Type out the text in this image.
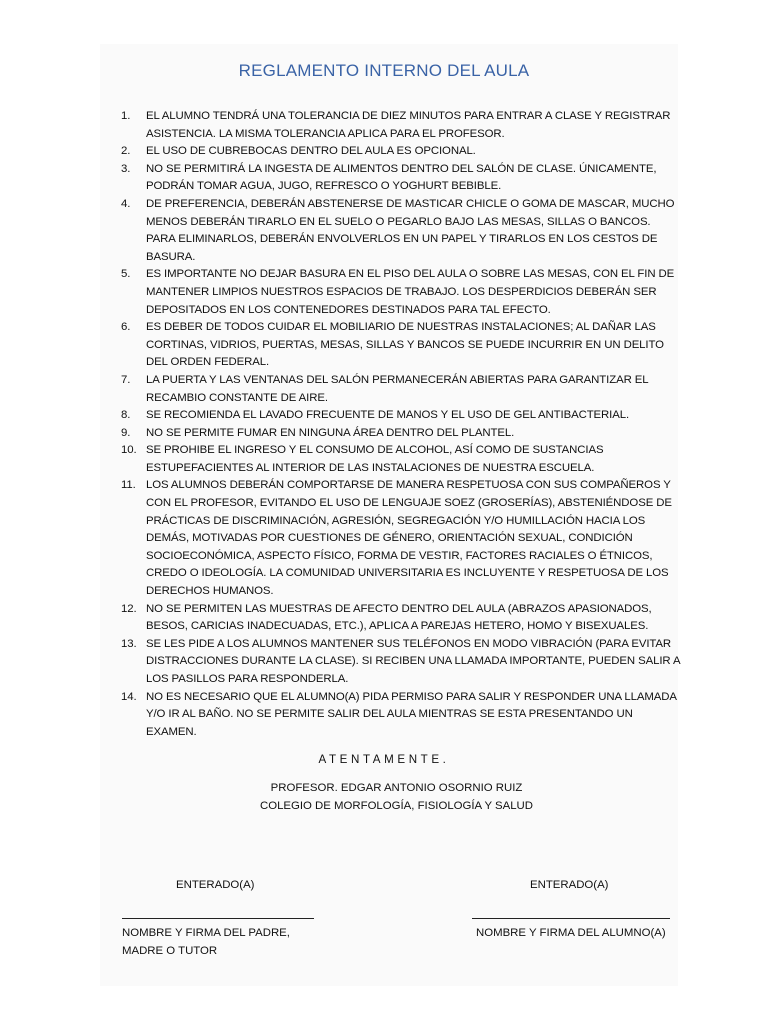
REGLAMENTO INTERNO DEL AULA
1. EL ALUMNO TENDRÁ UNA TOLERANCIA DE DIEZ MINUTOS PARA ENTRAR A CLASE Y REGISTRAR ASISTENCIA. LA MISMA TOLERANCIA APLICA PARA EL PROFESOR.
2. EL USO DE CUBREBOCAS DENTRO DEL AULA ES OPCIONAL.
3. NO SE PERMITIRÁ LA INGESTA DE ALIMENTOS DENTRO DEL SALÓN DE CLASE. ÚNICAMENTE, PODRÁN TOMAR AGUA, JUGO, REFRESCO O YOGHURT BEBIBLE.
4. DE PREFERENCIA, DEBERÁN ABSTENERSE DE MASTICAR CHICLE O GOMA DE MASCAR, MUCHO MENOS DEBERÁN TIRARLO EN EL SUELO O PEGARLO BAJO LAS MESAS, SILLAS O BANCOS. PARA ELIMINARLOS, DEBERÁN ENVOLVERLOS EN UN PAPEL Y TIRARLOS EN LOS CESTOS DE BASURA.
5. ES IMPORTANTE NO DEJAR BASURA EN EL PISO DEL AULA O SOBRE LAS MESAS, CON EL FIN DE MANTENER LIMPIOS NUESTROS ESPACIOS DE TRABAJO. LOS DESPERDICIOS DEBERÁN SER DEPOSITADOS EN LOS CONTENEDORES DESTINADOS PARA TAL EFECTO.
6. ES DEBER DE TODOS CUIDAR EL MOBILIARIO DE NUESTRAS INSTALACIONES; AL DAÑAR LAS CORTINAS, VIDRIOS, PUERTAS, MESAS, SILLAS Y BANCOS SE PUEDE INCURRIR EN UN DELITO DEL ORDEN FEDERAL.
7. LA PUERTA Y LAS VENTANAS DEL SALÓN PERMANECERÁN ABIERTAS PARA GARANTIZAR EL RECAMBIO CONSTANTE DE AIRE.
8. SE RECOMIENDA EL LAVADO FRECUENTE DE MANOS Y EL USO DE GEL ANTIBACTERIAL.
9. NO SE PERMITE FUMAR EN NINGUNA ÁREA DENTRO DEL PLANTEL.
10. SE PROHIBE EL INGRESO Y EL CONSUMO DE ALCOHOL, ASÍ COMO DE SUSTANCIAS ESTUPEFACIENTES AL INTERIOR DE LAS INSTALACIONES DE NUESTRA ESCUELA.
11. LOS ALUMNOS DEBERÁN COMPORTARSE DE MANERA RESPETUOSA CON SUS COMPAÑEROS Y CON EL PROFESOR, EVITANDO EL USO DE LENGUAJE SOEZ (GROSERÍAS), ABSTENIÉNDOSE DE PRÁCTICAS DE DISCRIMINACIÓN, AGRESIÓN, SEGREGACIÓN Y/O HUMILLACIÓN HACIA LOS DEMÁS, MOTIVADAS POR CUESTIONES DE GÉNERO, ORIENTACIÓN SEXUAL, CONDICIÓN SOCIOECONÓMICA, ASPECTO FÍSICO, FORMA DE VESTIR, FACTORES RACIALES O ÉTNICOS, CREDO O IDEOLOGÍA. LA COMUNIDAD UNIVERSITARIA ES INCLUYENTE Y RESPETUOSA DE LOS DERECHOS HUMANOS.
12. NO SE PERMITEN LAS MUESTRAS DE AFECTO DENTRO DEL AULA (ABRAZOS APASIONADOS, BESOS, CARICIAS INADECUADAS, ETC.), APLICA A PAREJAS HETERO, HOMO Y BISEXUALES.
13. SE LES PIDE A LOS ALUMNOS MANTENER SUS TELÉFONOS EN MODO VIBRACIÓN (PARA EVITAR DISTRACCIONES DURANTE LA CLASE). SI RECIBEN UNA LLAMADA IMPORTANTE, PUEDEN SALIR A LOS PASILLOS PARA RESPONDERLA.
14. NO ES NECESARIO QUE EL ALUMNO(A) PIDA PERMISO PARA SALIR Y RESPONDER UNA LLAMADA Y/O IR AL BAÑO. NO SE PERMITE SALIR DEL AULA MIENTRAS SE ESTA PRESENTANDO UN EXAMEN.
ATENTAMENTE.
PROFESOR. EDGAR ANTONIO OSORNIO RUIZ
COLEGIO DE MORFOLOGÍA, FISIOLOGÍA Y SALUD
ENTERADO(A)	ENTERADO(A)
NOMBRE Y FIRMA DEL PADRE,
MADRE O TUTOR
NOMBRE Y FIRMA DEL ALUMNO(A)
